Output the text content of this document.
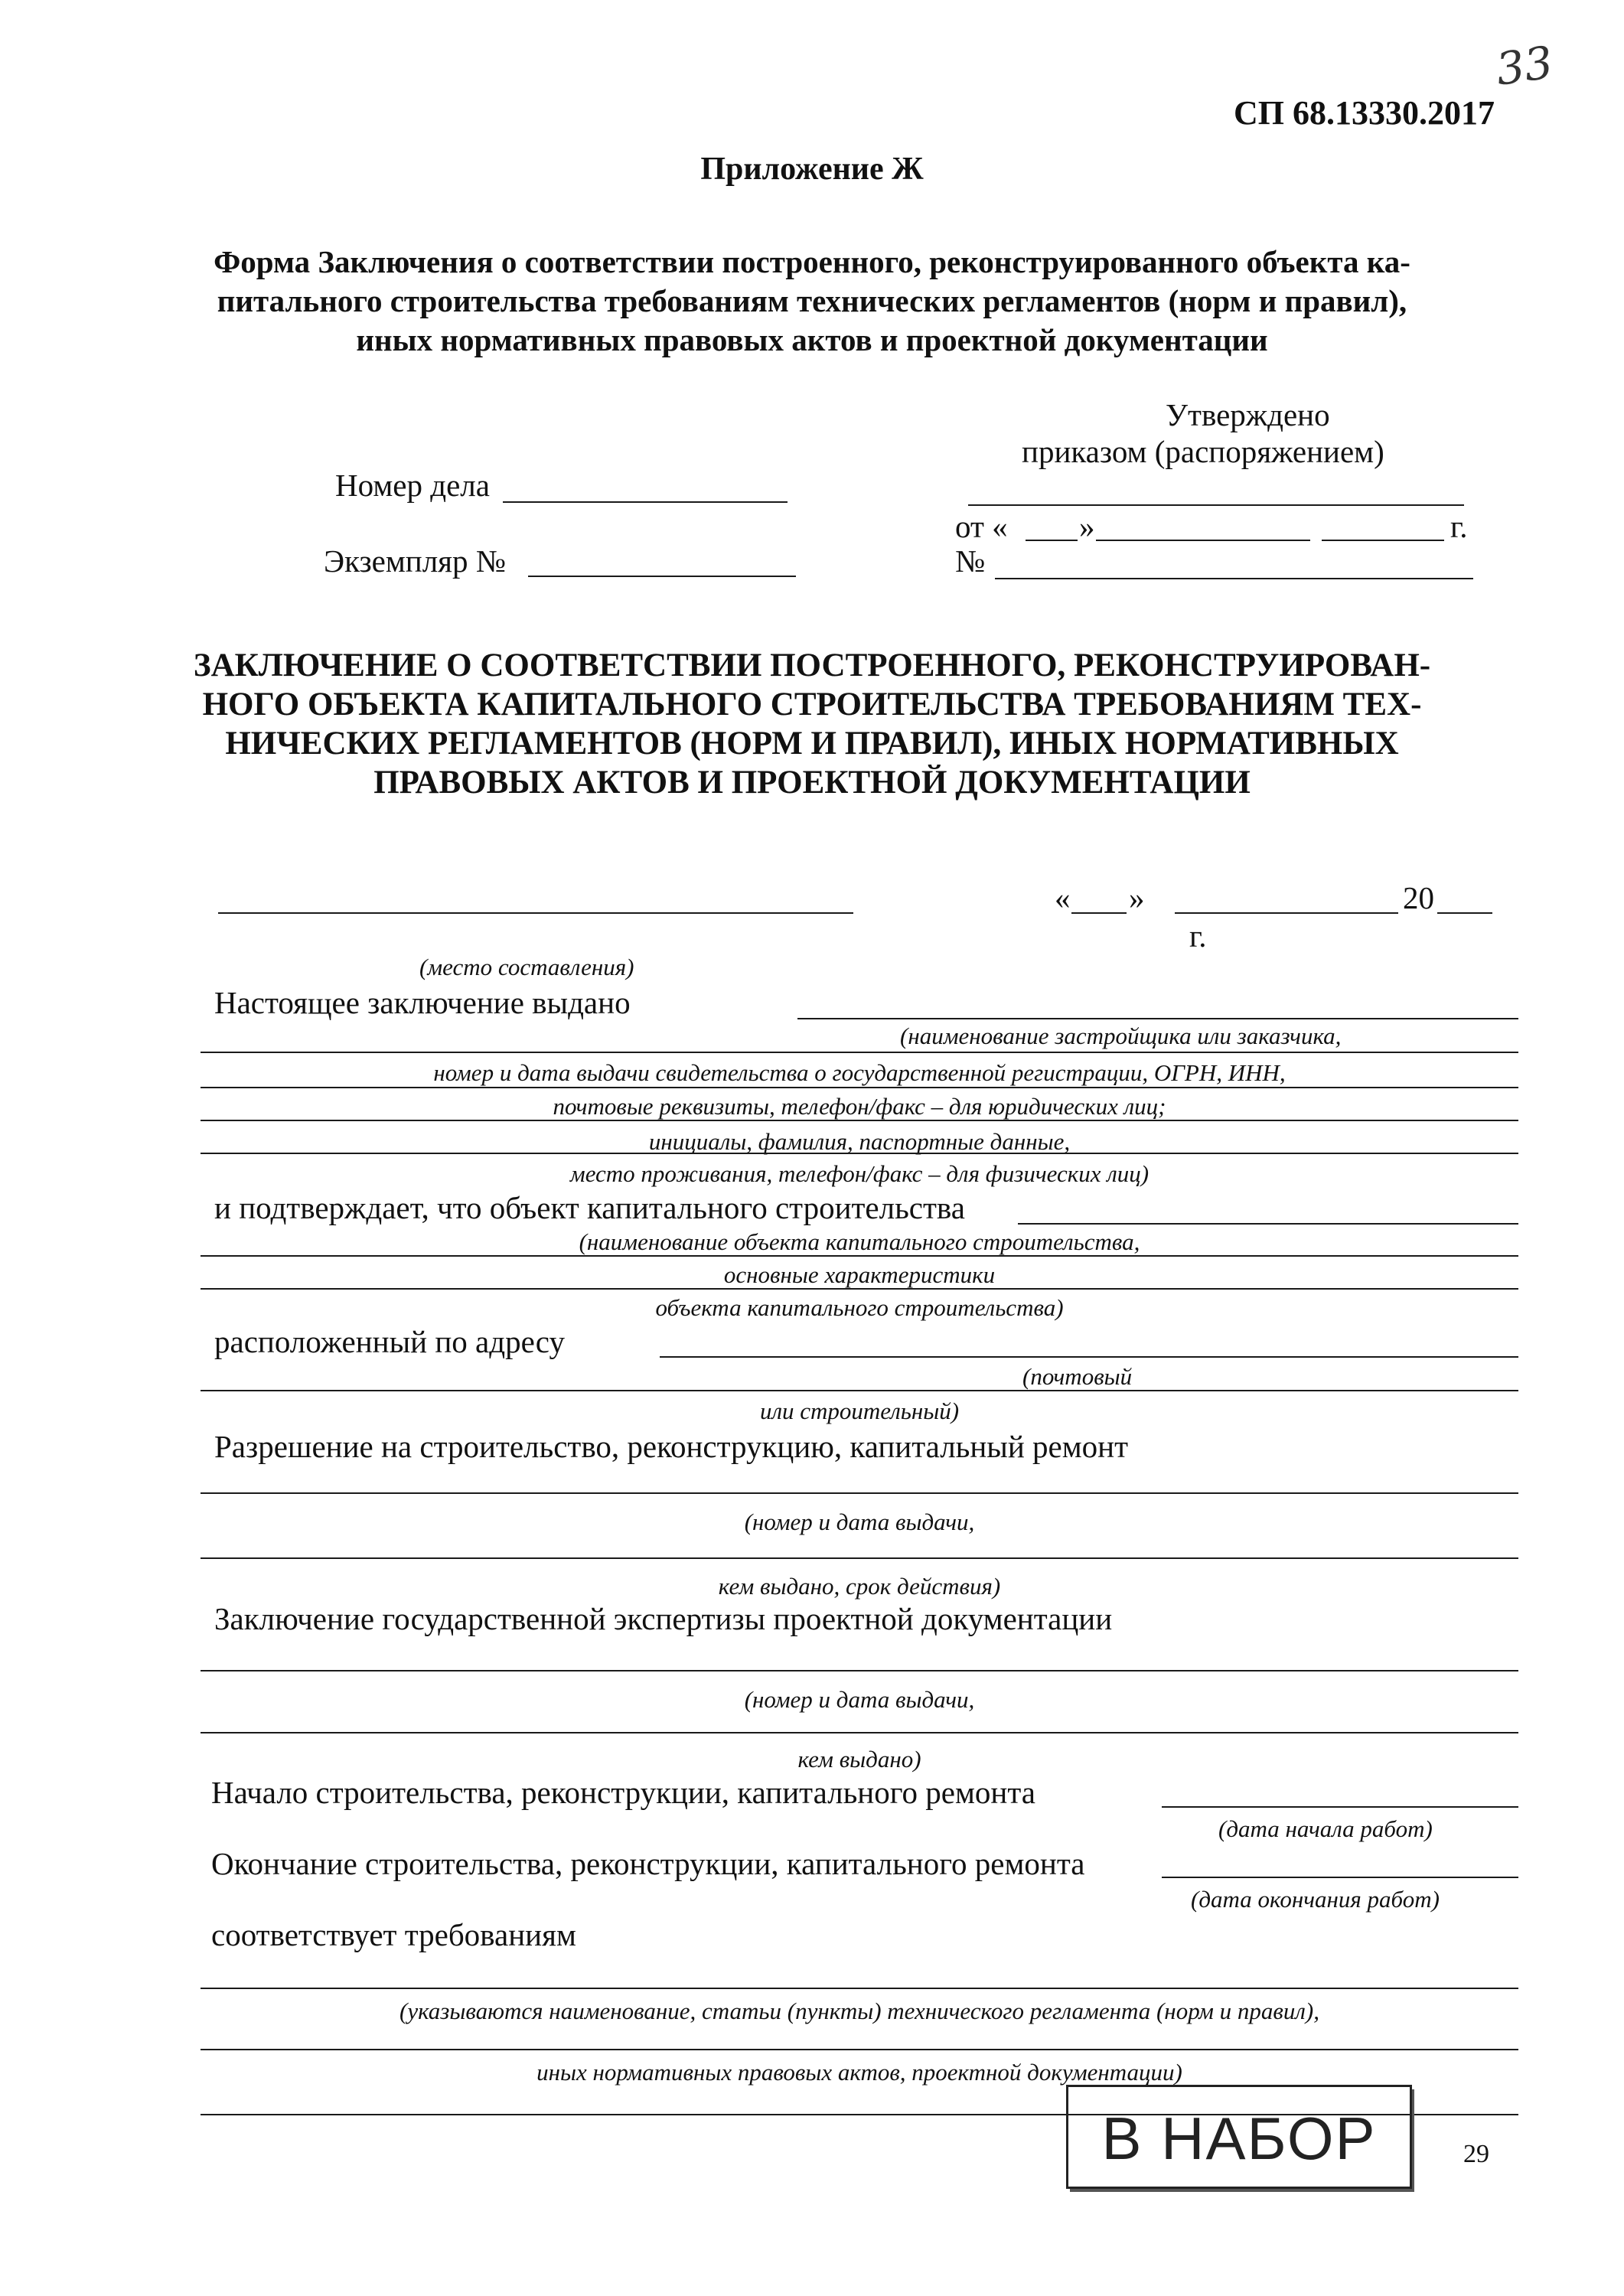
33
СП 68.13330.2017
Приложение Ж
Форма Заключения о соответствии построенного, реконструированного объекта ка-
питального строительства требованиям технических регламентов (норм и правил),
иных нормативных правовых актов и проектной документации
Утверждено
приказом (распоряжением)
от « »	г.
№
Номер дела
Экземпляр №
ЗАКЛЮЧЕНИЕ О СООТВЕТСТВИИ ПОСТРОЕННОГО, РЕКОНСТРУИРОВАН-
НОГО ОБЪЕКТА КАПИТАЛЬНОГО СТРОИТЕЛЬСТВА ТРЕБОВАНИЯМ ТЕХ-
НИЧЕСКИХ РЕГЛАМЕНТОВ (НОРМ И ПРАВИЛ), ИНЫХ НОРМАТИВНЫХ
ПРАВОВЫХ АКТОВ И ПРОЕКТНОЙ ДОКУМЕНТАЦИИ
« »	20
г.
(место составления)
Настоящее заключение выдано
(наименование застройщика или заказчика,
номер и дата выдачи свидетельства о государственной регистрации, ОГРН, ИНН,
почтовые реквизиты, телефон/факс – для юридических лиц;
инициалы, фамилия, паспортные данные,
место проживания, телефон/факс – для физических лиц)
и подтверждает, что объект капитального строительства
(наименование объекта капитального строительства,
основные характеристики
объекта капитального строительства)
расположенный по адресу
(почтовый
или строительный)
Разрешение на строительство, реконструкцию, капитальный ремонт
(номер и дата выдачи,
кем выдано, срок действия)
Заключение государственной экспертизы проектной документации
(номер и дата выдачи,
кем выдано)
Начало строительства, реконструкции, капитального ремонта
(дата начала работ)
Окончание строительства, реконструкции, капитального ремонта
(дата окончания работ)
соответствует требованиям
(указываются наименование, статьи (пункты) технического регламента (норм и правил),
иных нормативных правовых актов, проектной документации)
В НАБОР	29
